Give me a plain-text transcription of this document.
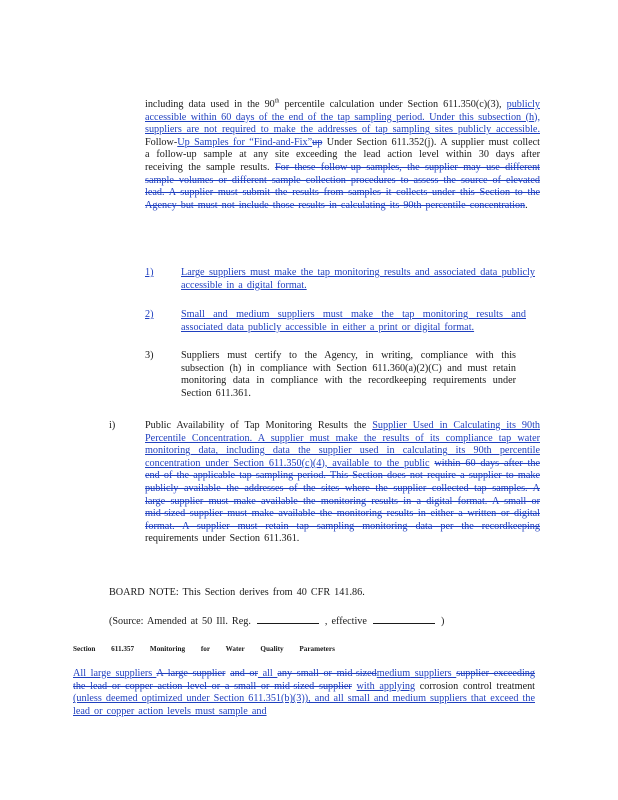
including data used in the 90th percentile calculation under Section 611.350(c)(3), publicly accessible within 60 days of the end of the tap sampling period. Under this subsection (h), suppliers are not required to make the addresses of tap sampling sites publicly accessible. Follow-Up Samples for “Find-and-Fix”up Under Section 611.352(j). A supplier must collect a follow-up sample at any site exceeding the lead action level within 30 days after receiving the sample results. For these follow-up samples, the supplier may use different sample volumes or different sample collection procedures to assess the source of elevated lead. A supplier must submit the results from samples it collects under this Section to the Agency but must not include those results in calculating its 90th percentile concentration.
1)	Large suppliers must make the tap monitoring results and associated data publicly accessible in a digital format.
2)	Small and medium suppliers must make the tap monitoring results and associated data publicly accessible in either a print or digital format.
3)	Suppliers must certify to the Agency, in writing, compliance with this subsection (h) in compliance with Section 611.360(a)(2)(C) and must retain monitoring data in compliance with the recordkeeping requirements under Section 611.361.
i)	Public Availability of Tap Monitoring Results the Supplier Used in Calculating its 90th Percentile Concentration. A supplier must make the results of its compliance tap water monitoring data, including data the supplier used in calculating its 90th percentile concentration under Section 611.350(c)(4), available to the public within 60 days after the end of the applicable tap sampling period. This Section does not require a supplier to make publicly available the addresses of the sites where the supplier collected tap samples. A large supplier must make available the monitoring results in a digital format. A small or mid-sized supplier must make available the monitoring results in either a written or digital format. A supplier must retain tap sampling monitoring data per the recordkeeping requirements under Section 611.361.
BOARD NOTE: This Section derives from 40 CFR 141.86.
(Source: Amended at 50 Ill. Reg.	, effective	)
Section 611.357 Monitoring for Water Quality Parameters
All large suppliers A large supplier and or all any small or mid-sizedmedium suppliers supplier exceeding the lead or copper action level or a small or mid-sized supplier with applying corrosion control treatment (unless deemed optimized under Section 611.351(b)(3)), and all small and medium suppliers that exceed the lead or copper action levels must sample and
